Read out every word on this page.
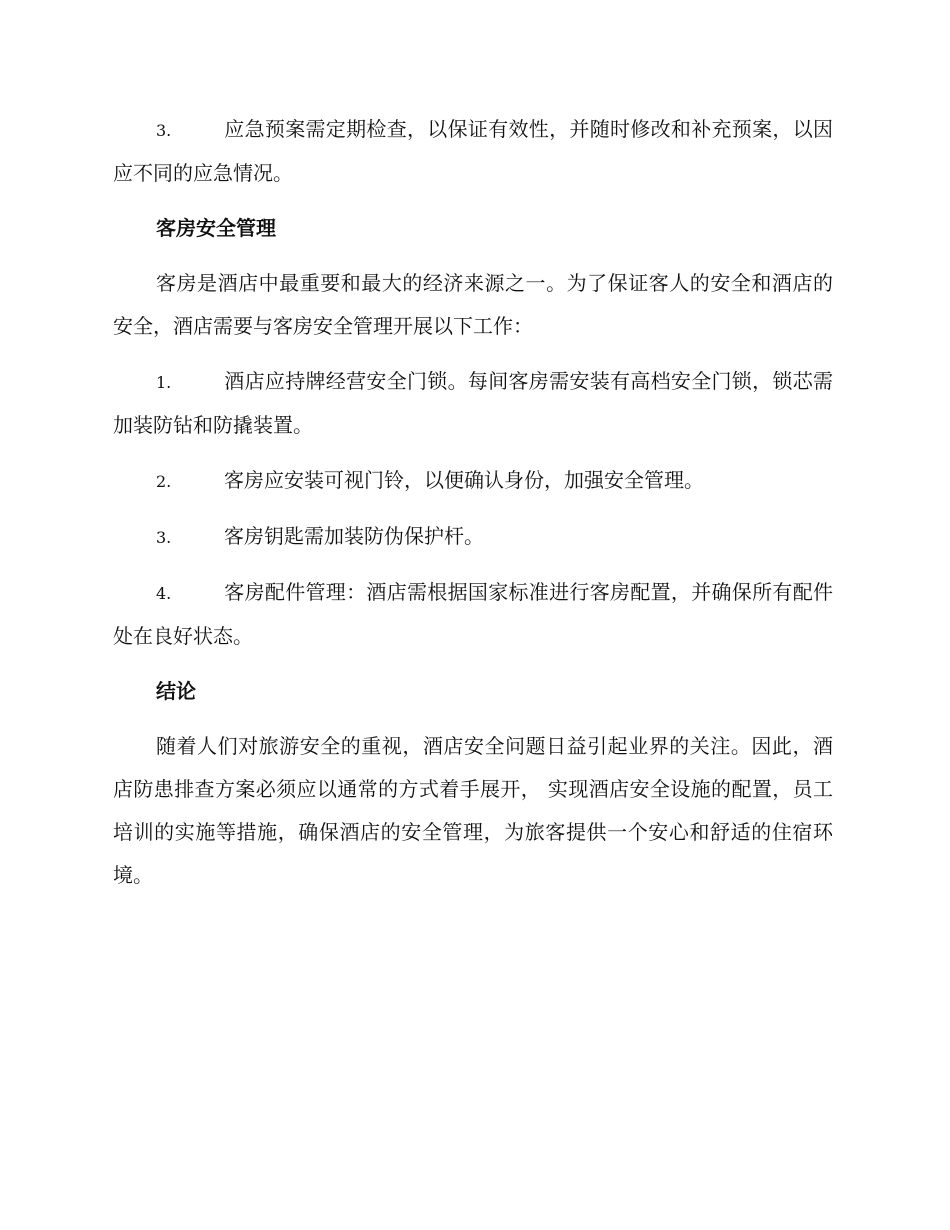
3.	应急预案需定期检查，以保证有效性，并随时修改和补充预案，以因应不同的应急情况。

客房安全管理

客房是酒店中最重要和最大的经济来源之一。为了保证客人的安全和酒店的安全，酒店需要与客房安全管理开展以下工作：

1.	酒店应持牌经营安全门锁。每间客房需安装有高档安全门锁，锁芯需加装防钻和防撬装置。

2.	客房应安装可视门铃，以便确认身份，加强安全管理。

3.	客房钥匙需加装防伪保护杆。

4.	客房配件管理：酒店需根据国家标准进行客房配置，并确保所有配件处在良好状态。

结论

随着人们对旅游安全的重视，酒店安全问题日益引起业界的关注。因此，酒店防患排查方案必须应以通常的方式着手展开， 实现酒店安全设施的配置，员工培训的实施等措施，确保酒店的安全管理，为旅客提供一个安心和舒适的住宿环境。
